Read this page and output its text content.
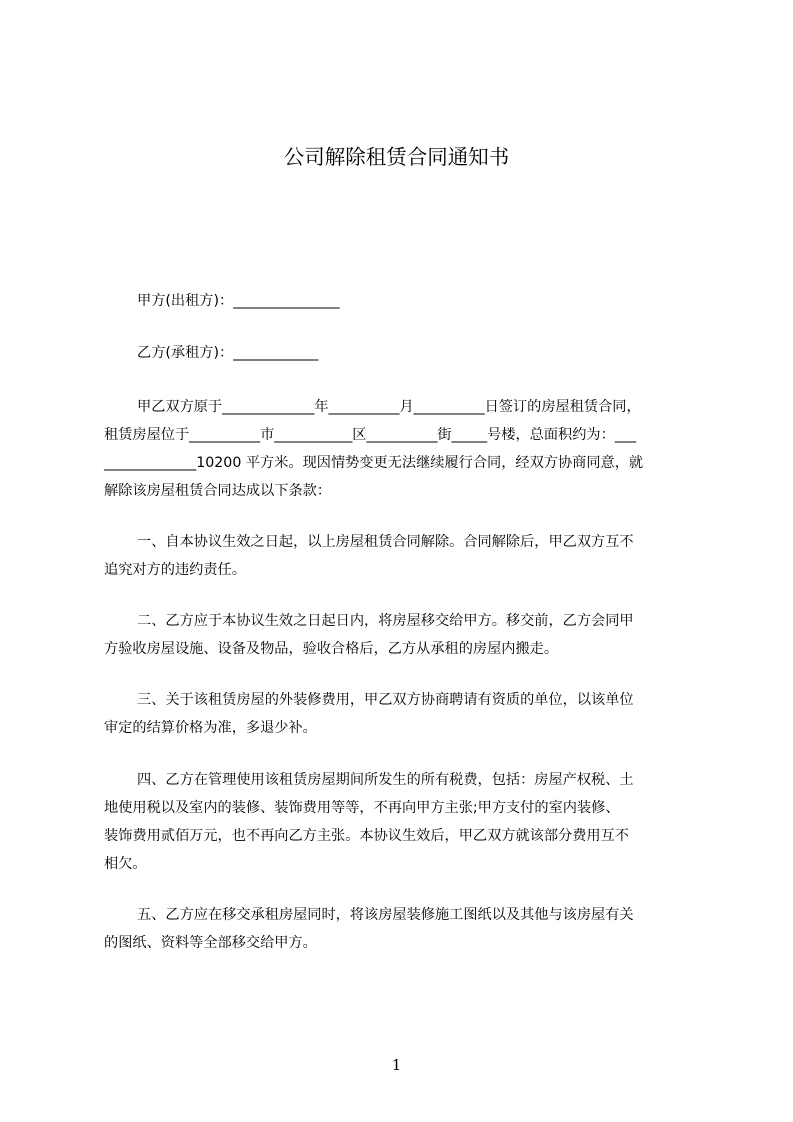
公司解除租赁合同通知书
甲方(出租方)：_______________
乙方(承租方)：____________
甲乙双方原于_____________年__________月__________日签订的房屋租赁合同，
租赁房屋位于__________市___________区__________街_____号楼，总面积约为：___
_____________10200 平方米。现因情势变更无法继续履行合同，经双方协商同意，就
解除该房屋租赁合同达成以下条款：
一、自本协议生效之日起，以上房屋租赁合同解除。合同解除后，甲乙双方互不
追究对方的违约责任。
二、乙方应于本协议生效之日起日内，将房屋移交给甲方。移交前，乙方会同甲
方验收房屋设施、设备及物品，验收合格后，乙方从承租的房屋内搬走。
三、关于该租赁房屋的外装修费用，甲乙双方协商聘请有资质的单位，以该单位
审定的结算价格为准，多退少补。
四、乙方在管理使用该租赁房屋期间所发生的所有税费，包括：房屋产权税、土
地使用税以及室内的装修、装饰费用等等，不再向甲方主张;甲方支付的室内装修、
装饰费用贰佰万元，也不再向乙方主张。本协议生效后，甲乙双方就该部分费用互不
相欠。
五、乙方应在移交承租房屋同时，将该房屋装修施工图纸以及其他与该房屋有关
的图纸、资料等全部移交给甲方。
1
